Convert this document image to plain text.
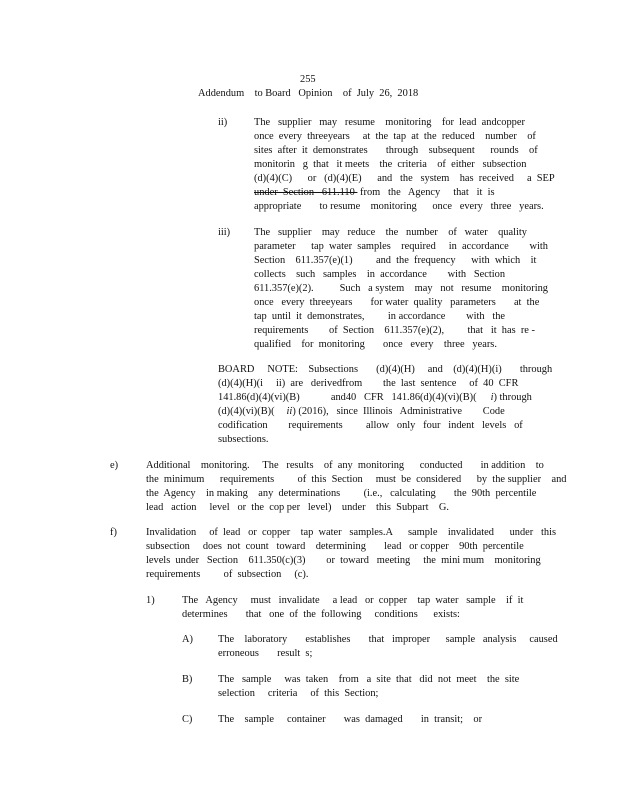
255
Addendum    to Board   Opinion    of  July  26,  2018
ii)	The   supplier   may   resume    monitoring    for  lead  andcopper
once  every  threeyears     at  the  tap  at  the  reduced    number    of
sites  after  it  demonstrates       through    subsequent      rounds    of
monitorin   g  that   it meets    the  criteria    of  either   subsection
(d)(4)(C)      or   (d)(4)(E)      and   the   system    has  received     a  SEP
under  Section   611.110  from   the   Agency     that   it  is
appropriate       to resume    monitoring      once   every   three   years.
iii) The   supplier    may   reduce    the   number    of   water    quality
parameter      tap  water  samples    required     in  accordance        with
Section    611.357(e)(1)         and  the  frequency      with  which    it
collects    such   samples    in  accordance        with   Section
611.357(e)(2).          Such   a system    may   not   resume    monitoring
once   every  threeyears       for water  quality   parameters       at  the
tap  until  it  demonstrates,         in accordance        with   the
requirements        of  Section    611.357(e)(2),         that   it  has  re -
qualified    for  monitoring       once   every    three   years.
BOARD     NOTE:    Subsections       (d)(4)(H)     and    (d)(4)(H)(i)       through
(d)(4)(H)(i     ii)  are   derivedfrom        the  last  sentence     of  40  CFR
141.86(d)(4)(vi)(B)            and40   CFR   141.86(d)(4)(vi)(B)( i) through
(d)(4)(vi)(B)( ii) (2016),   since  Illinois   Administrative        Code
codification        requirements         allow   only   four   indent   levels   of
subsections.
e)	Additional    monitoring.     The   results    of  any  monitoring      conducted       in addition    to
the  minimum      requirements         of  this  Section     must  be  considered      by  the supplier    and
the  Agency    in making    any  determinations         (i.e.,   calculating       the  90th  percentile
lead   action     level   or  the  cop per   level)    under    this  Subpart    G.
f)	Invalidation     of  lead   or  copper    tap  water   samples.A      sample    invalidated      under   this
subsection     does  not  count   toward    determining       lead   or copper    90th  percentile
levels  under   Section    611.350(c)(3)        or  toward   meeting     the  mini mum    monitoring
requirements         of  subsection     (c).
1)	The   Agency     must   invalidate     a lead   or  copper    tap  water   sample    if  it
determines       that   one  of  the  following     conditions      exists:
A) The    laboratory       establishes       that   improper      sample   analysis     caused
erroneous       result  s;
B) The   sample     was  taken    from   a  site  that   did  not  meet    the  site
selection     criteria     of  this  Section;
C) The    sample     container       was  damaged       in  transit;    or
